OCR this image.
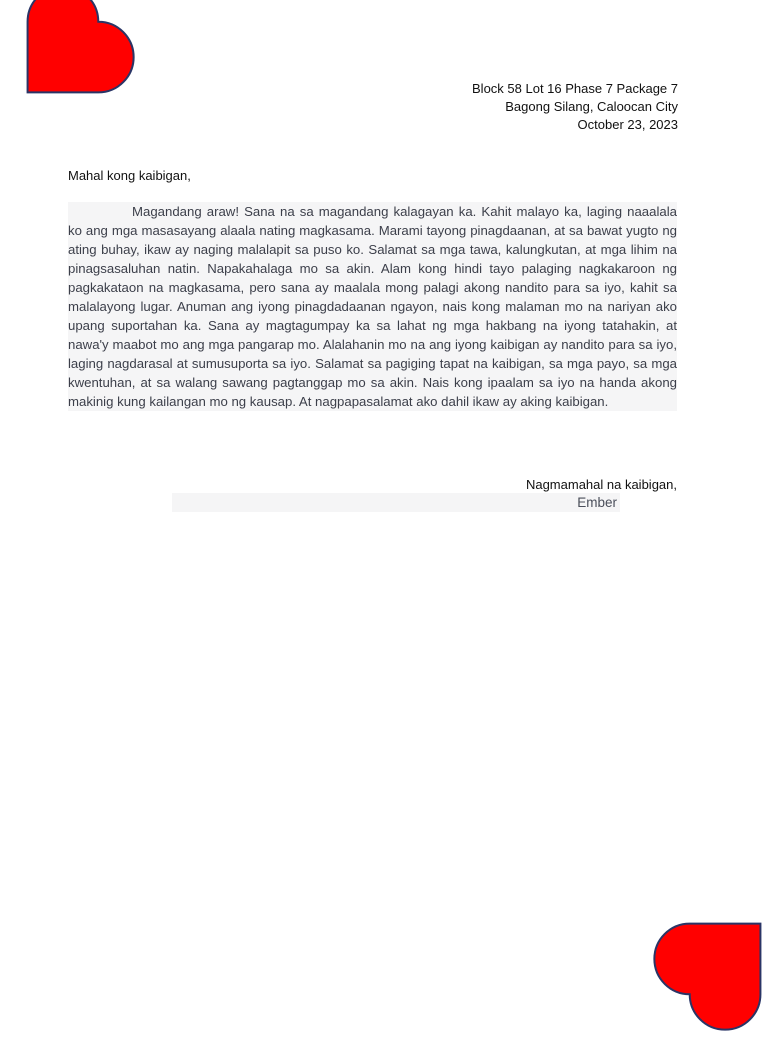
Block 58 Lot 16 Phase 7 Package 7
Bagong Silang, Caloocan City
October 23, 2023
Mahal kong kaibigan,

Magandang araw! Sana na sa magandang kalagayan ka. Kahit malayo ka, laging naaalala ko ang mga masasayang alaala nating magkasama. Marami tayong pinagdaanan, at sa bawat yugto ng ating buhay, ikaw ay naging malalapit sa puso ko. Salamat sa mga tawa, kalungkutan, at mga lihim na pinagsasaluhan natin. Napakahalaga mo sa akin. Alam kong hindi tayo palaging nagkakaroon ng pagkakataon na magkasama, pero sana ay maalala mong palagi akong nandito para sa iyo, kahit sa malalayong lugar. Anuman ang iyong pinagdadaanan ngayon, nais kong malaman mo na nariyan ako upang suportahan ka. Sana ay magtagumpay ka sa lahat ng mga hakbang na iyong tatahakin, at nawa'y maabot mo ang mga pangarap mo. Alalahanin mo na ang iyong kaibigan ay nandito para sa iyo, laging nagdarasal at sumusuporta sa iyo. Salamat sa pagiging tapat na kaibigan, sa mga payo, sa mga kwentuhan, at sa walang sawang pagtanggap mo sa akin. Nais kong ipaalam sa iyo na handa akong makinig kung kailangan mo ng kausap. At nagpapasalamat ako dahil ikaw ay aking kaibigan.

Nagmamahal na kaibigan,
Ember
